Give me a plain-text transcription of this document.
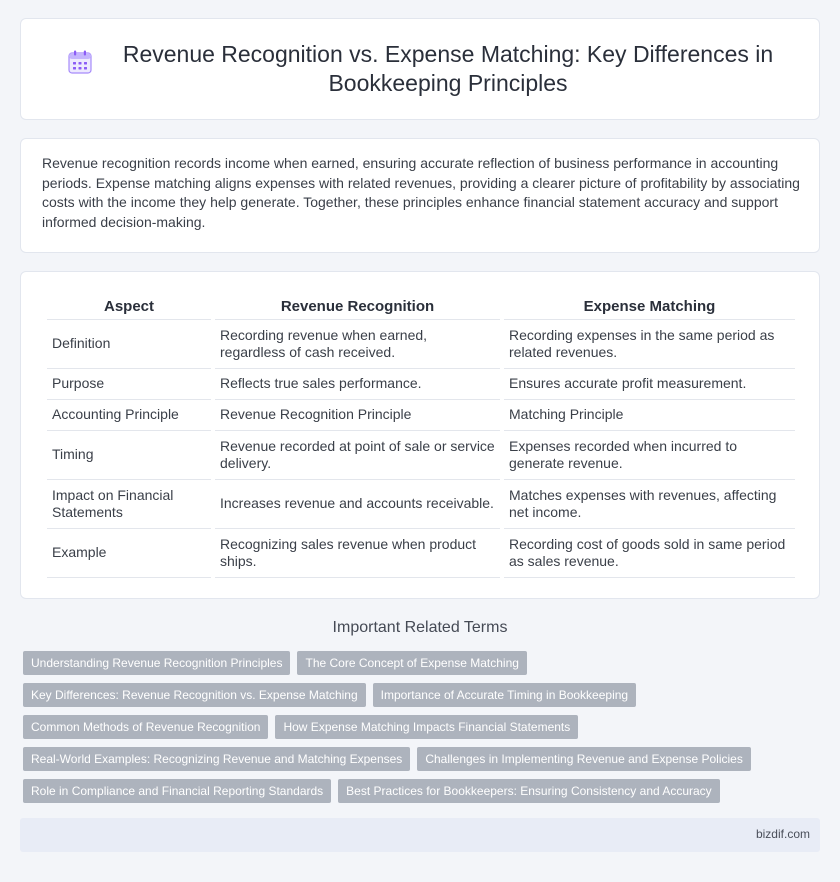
Revenue Recognition vs. Expense Matching: Key Differences in Bookkeeping Principles

Revenue recognition records income when earned, ensuring accurate reflection of business performance in accounting periods. Expense matching aligns expenses with related revenues, providing a clearer picture of profitability by associating costs with the income they help generate. Together, these principles enhance financial statement accuracy and support informed decision-making.

Aspect	Revenue Recognition	Expense Matching
Definition	Recording revenue when earned, regardless of cash received.	Recording expenses in the same period as related revenues.
Purpose	Reflects true sales performance.	Ensures accurate profit measurement.
Accounting Principle	Revenue Recognition Principle	Matching Principle
Timing	Revenue recorded at point of sale or service delivery.	Expenses recorded when incurred to generate revenue.
Impact on Financial Statements	Increases revenue and accounts receivable.	Matches expenses with revenues, affecting net income.
Example	Recognizing sales revenue when product ships.	Recording cost of goods sold in same period as sales revenue.
Important Related Terms
Understanding Revenue Recognition Principles	The Core Concept of Expense Matching
Key Differences: Revenue Recognition vs. Expense Matching	Importance of Accurate Timing in Bookkeeping
Common Methods of Revenue Recognition	How Expense Matching Impacts Financial Statements
Real-World Examples: Recognizing Revenue and Matching Expenses	Challenges in Implementing Revenue and Expense Policies
Role in Compliance and Financial Reporting Standards	Best Practices for Bookkeepers: Ensuring Consistency and Accuracy
bizdif.com
